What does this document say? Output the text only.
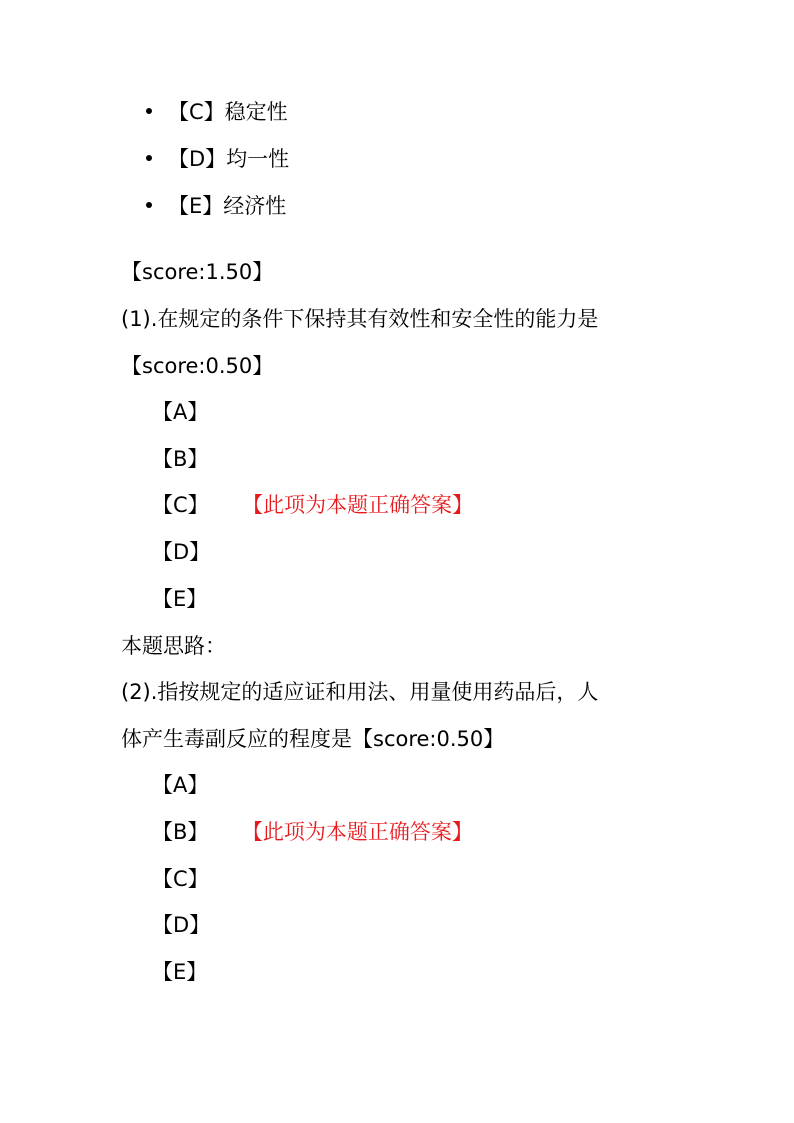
【C】稳定性
【D】均一性
【E】经济性
【score:1.50】
(1).在规定的条件下保持其有效性和安全性的能力是
【score:0.50】
【A】
【B】
【C】 【此项为本题正确答案】
【D】
【E】
本题思路：
(2).指按规定的适应证和用法、用量使用药品后，人
体产生毒副反应的程度是【score:0.50】
【A】
【B】 【此项为本题正确答案】
【C】
【D】
【E】
